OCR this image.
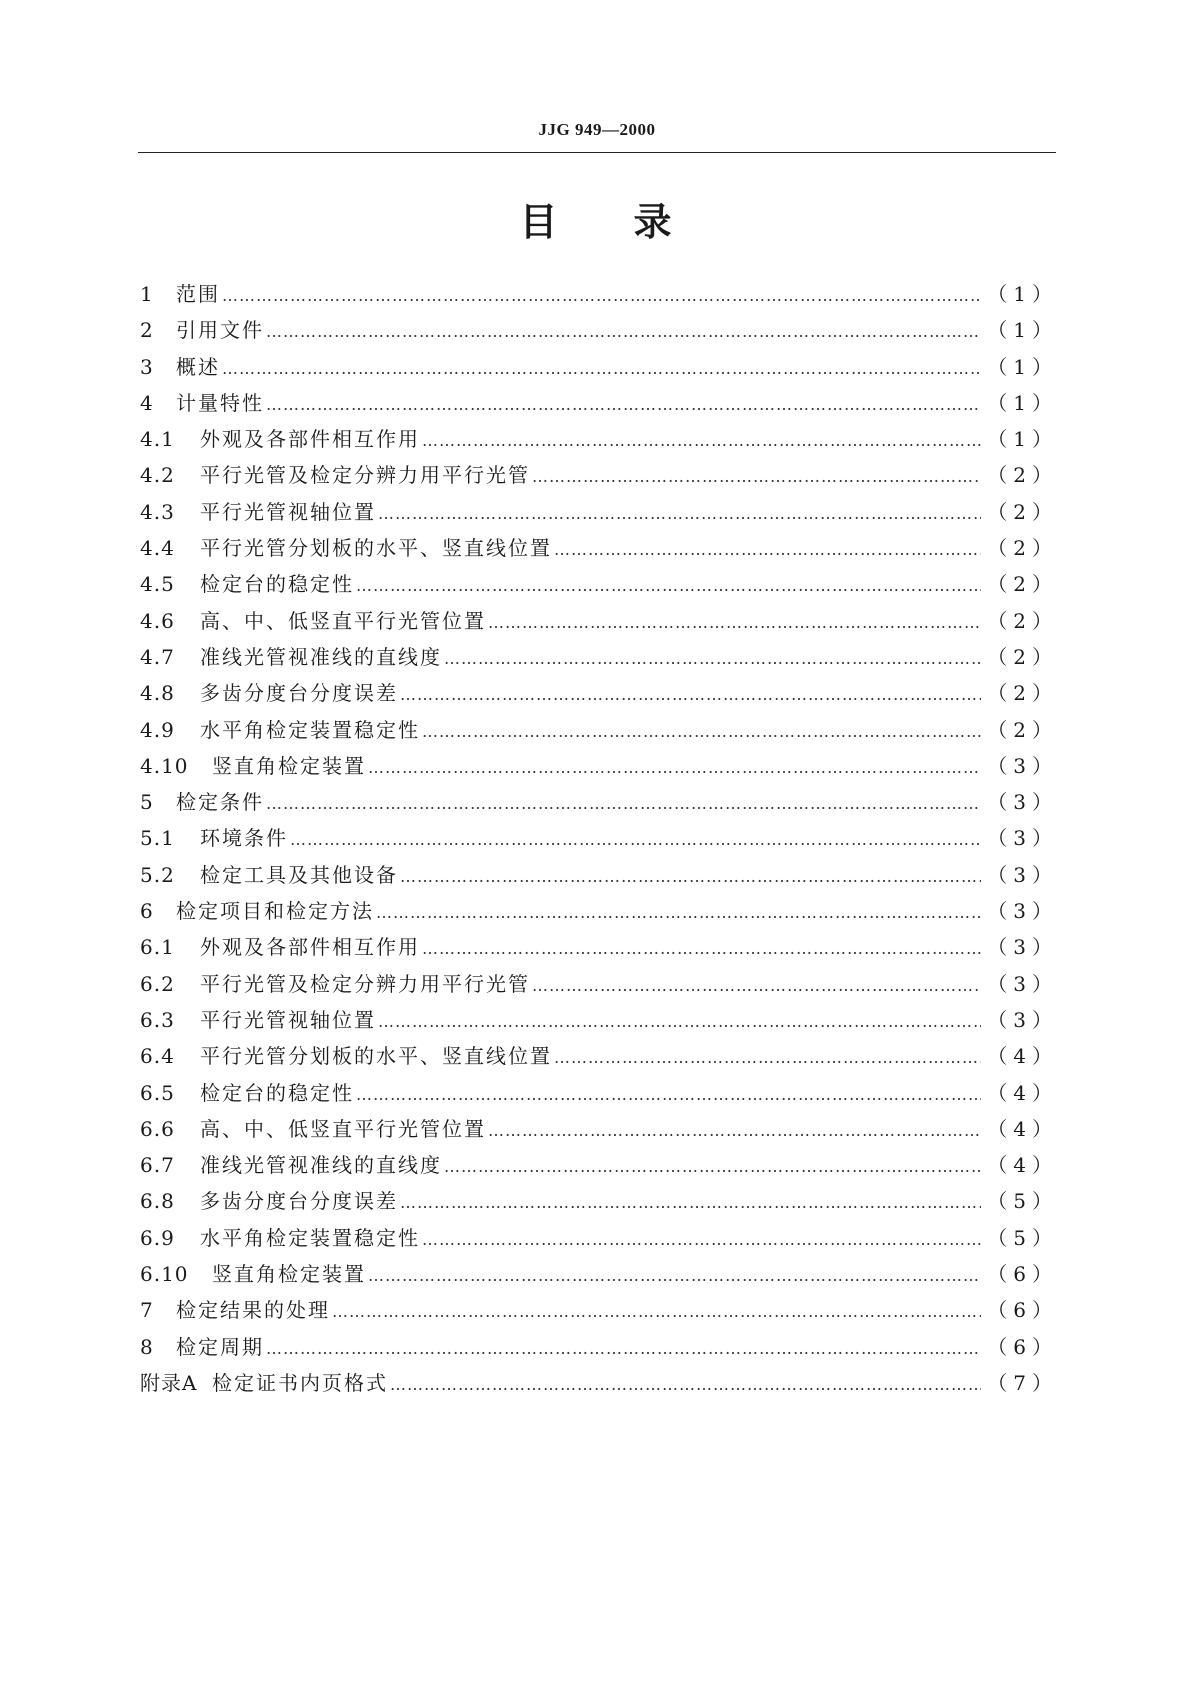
JJG 949—2000
目 录
1	范围 ……………………………………………………………………………………………………………………………………………………………………………………………………	（1）
2	引用文件 ……………………………………………………………………………………………………………………………………………………………………………………………………	（1）
3	概述 ……………………………………………………………………………………………………………………………………………………………………………………………………	（1）
4	计量特性 ……………………………………………………………………………………………………………………………………………………………………………………………………	（1）
4.1	外观及各部件相互作用 ……………………………………………………………………………………………………………………………………………………………………………………………………	（1）
4.2	平行光管及检定分辨力用平行光管 ……………………………………………………………………………………………………………………………………………………………………………………………………	（2）
4.3	平行光管视轴位置 ……………………………………………………………………………………………………………………………………………………………………………………………………	（2）
4.4	平行光管分划板的水平、竖直线位置 ……………………………………………………………………………………………………………………………………………………………………………………………………	（2）
4.5	检定台的稳定性 ……………………………………………………………………………………………………………………………………………………………………………………………………	（2）
4.6	高、中、低竖直平行光管位置 ……………………………………………………………………………………………………………………………………………………………………………………………………	（2）
4.7	准线光管视准线的直线度 ……………………………………………………………………………………………………………………………………………………………………………………………………	（2）
4.8	多齿分度台分度误差 ……………………………………………………………………………………………………………………………………………………………………………………………………	（2）
4.9	水平角检定装置稳定性 ……………………………………………………………………………………………………………………………………………………………………………………………………	（2）
4.10	竖直角检定装置 ……………………………………………………………………………………………………………………………………………………………………………………………………	（3）
5	检定条件 ……………………………………………………………………………………………………………………………………………………………………………………………………	（3）
5.1	环境条件 ……………………………………………………………………………………………………………………………………………………………………………………………………	（3）
5.2	检定工具及其他设备 ……………………………………………………………………………………………………………………………………………………………………………………………………	（3）
6	检定项目和检定方法 ……………………………………………………………………………………………………………………………………………………………………………………………………	（3）
6.1	外观及各部件相互作用 ……………………………………………………………………………………………………………………………………………………………………………………………………	（3）
6.2	平行光管及检定分辨力用平行光管 ……………………………………………………………………………………………………………………………………………………………………………………………………	（3）
6.3	平行光管视轴位置 ……………………………………………………………………………………………………………………………………………………………………………………………………	（3）
6.4	平行光管分划板的水平、竖直线位置 ……………………………………………………………………………………………………………………………………………………………………………………………………	（4）
6.5	检定台的稳定性 ……………………………………………………………………………………………………………………………………………………………………………………………………	（4）
6.6	高、中、低竖直平行光管位置 ……………………………………………………………………………………………………………………………………………………………………………………………………	（4）
6.7	准线光管视准线的直线度 ……………………………………………………………………………………………………………………………………………………………………………………………………	（4）
6.8	多齿分度台分度误差 ……………………………………………………………………………………………………………………………………………………………………………………………………	（5）
6.9	水平角检定装置稳定性 ……………………………………………………………………………………………………………………………………………………………………………………………………	（5）
6.10	竖直角检定装置 ……………………………………………………………………………………………………………………………………………………………………………………………………	（6）
7	检定结果的处理 ……………………………………………………………………………………………………………………………………………………………………………………………………	（6）
8	检定周期 ……………………………………………………………………………………………………………………………………………………………………………………………………	（6）
附录A 检定证书内页格式 ……………………………………………………………………………………………………………………………………………………………………………………………………	（7）
